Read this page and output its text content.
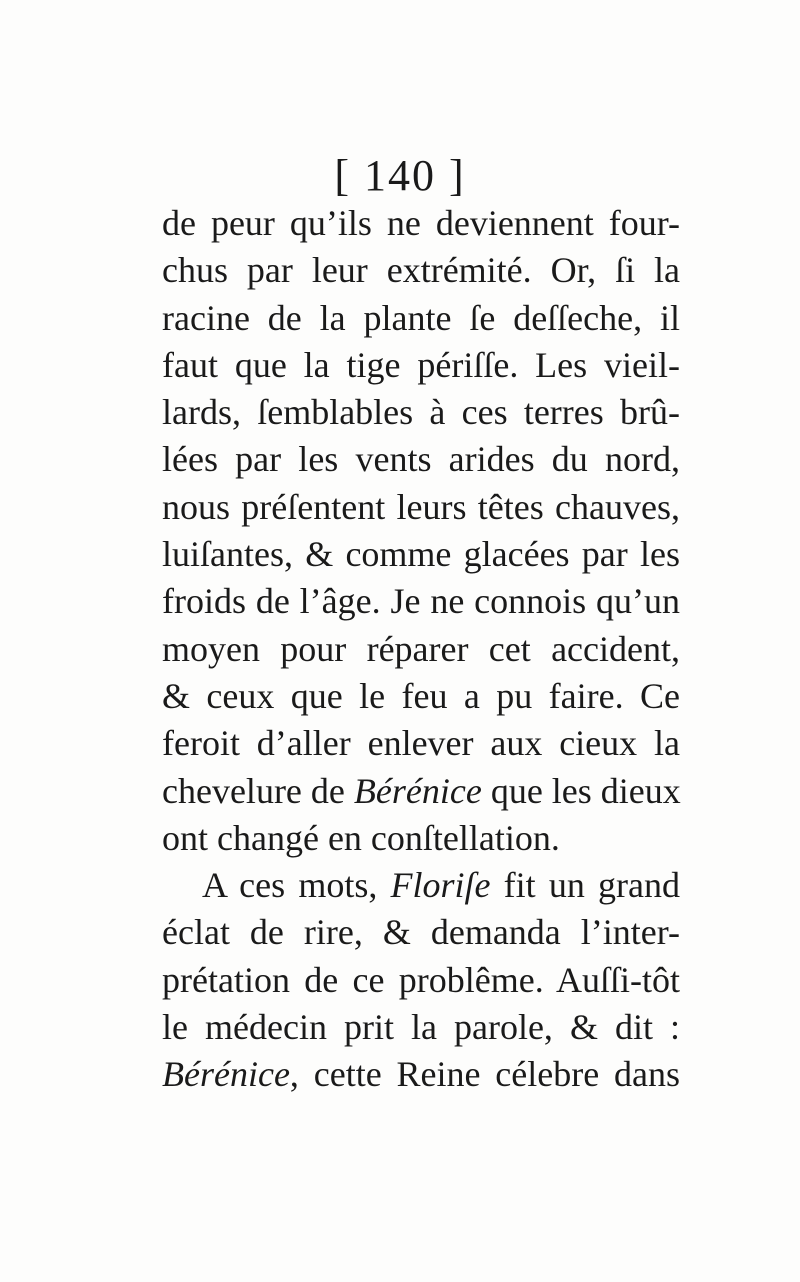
[ 140 ]
de peur qu’ils ne deviennent four-
chus par leur extrémité. Or, ſi la
racine de la plante ſe deſſeche, il
faut que la tige périſſe. Les vieil-
lards, ſemblables à ces terres brû-
lées par les vents arides du nord,
nous préſentent leurs têtes chauves,
luiſantes, & comme glacées par les
froids de l’âge. Je ne connois qu’un
moyen pour réparer cet accident,
& ceux que le feu a pu faire. Ce
feroit d’aller enlever aux cieux la
chevelure de Bérénice que les dieux
ont changé en conſtellation.
A ces mots, Floriſe fit un grand
éclat de rire, & demanda l’inter-
prétation de ce problême. Auſſi-tôt
le médecin prit la parole, & dit :
Bérénice, cette Reine célebre dans
